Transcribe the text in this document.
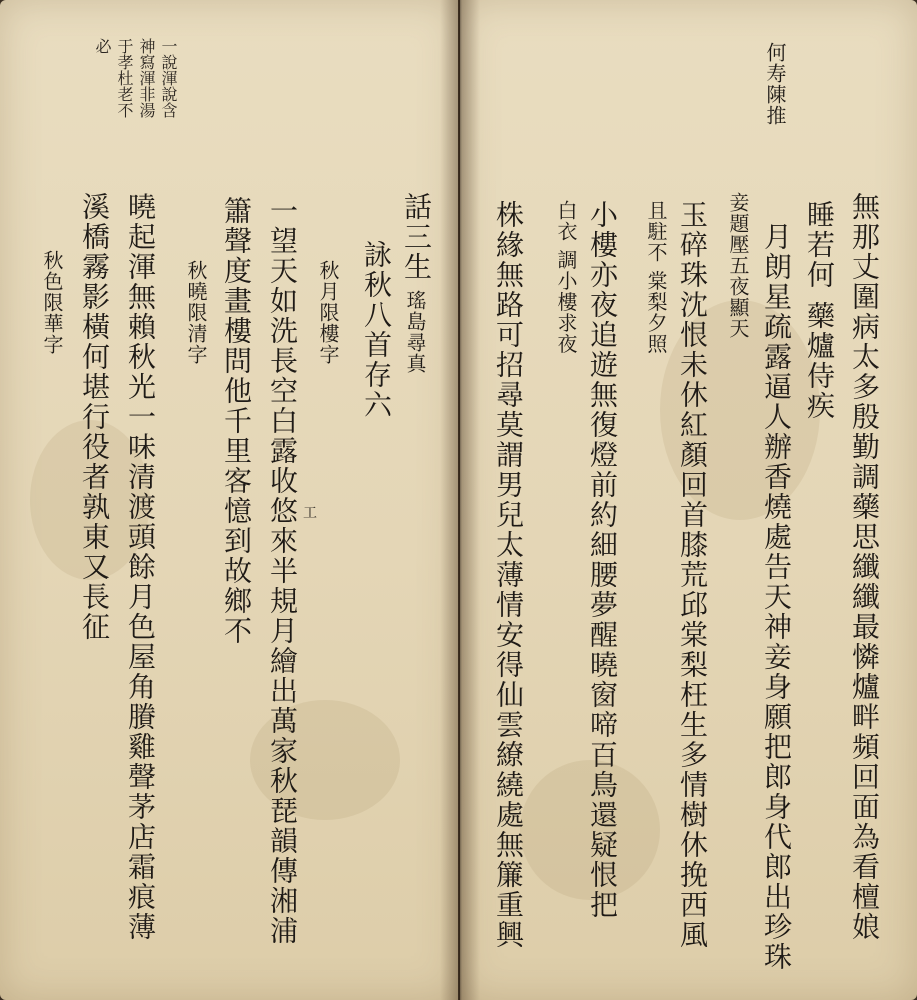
一說渾說含
神寫渾非湯
于孝杜老不
必
話三生
詠秋八首存六 瑤島尋真
秋月限樓字
一望天如洗長空白露收悠來半規月繪出萬家秋琵韻傳湘浦
簫聲度畫樓問他千里客憶到故鄉不	工
秋曉限清字
曉起渾無賴秋光一味清渡頭餘月色屋角賸雞聲茅店霜痕薄
溪橋霧影橫何堪行役者孰東又長征
秋色限華字
何寿陳推
無那丈圍病太多殷勤調藥思纖纖最憐爐畔頻回面為看檀娘
睡若何 藥爐侍疾
月朗星疏露逼人辦香燒處告天神妾身願把郎身代郎出珍珠
妾題壓五夜顯天
玉碎珠沈恨未休紅顏回首膝荒邱棠梨枉生多情樹休挽西風
且駐不 棠梨夕照
小樓亦夜追遊無復燈前約細腰夢醒曉窗啼百鳥還疑恨把
白衣 調小樓求夜
株緣無路可招尋莫謂男兒太薄情安得仙雲繚繞處無簾重興
